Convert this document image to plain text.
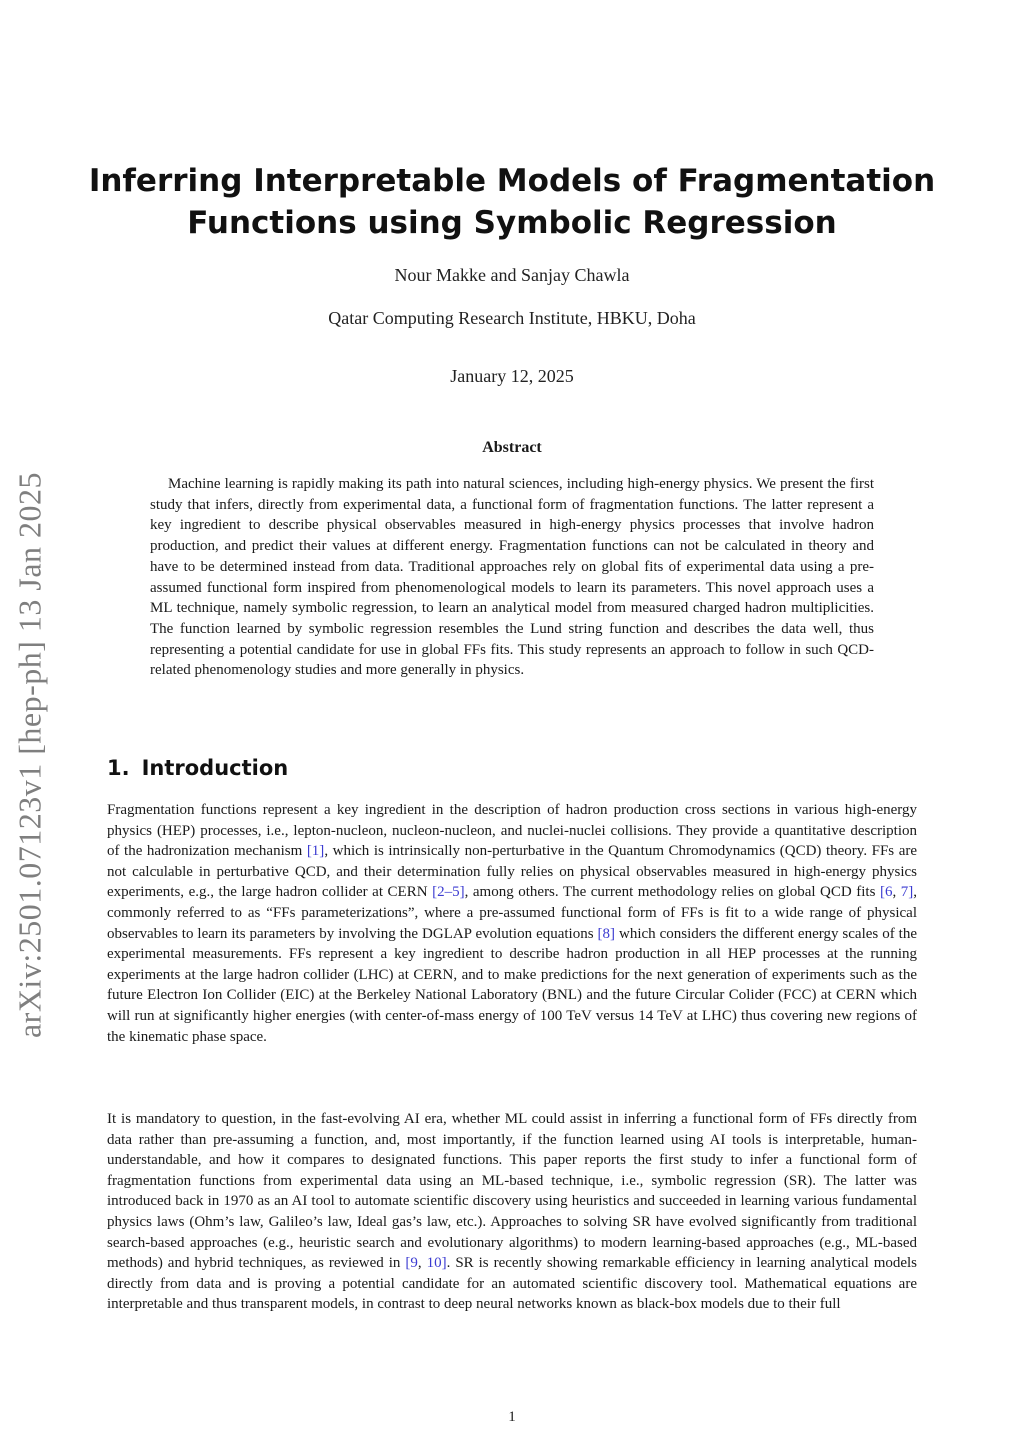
arXiv:2501.07123v1 [hep-ph] 13 Jan 2025
Inferring Interpretable Models of Fragmentation
Functions using Symbolic Regression
Nour Makke and Sanjay Chawla
Qatar Computing Research Institute, HBKU, Doha
January 12, 2025
Abstract
Machine learning is rapidly making its path into natural sciences, including high-energy physics. We present the first study that infers, directly from experimental data, a functional form of fragmentation functions. The latter represent a key ingredient to describe physical observables measured in high-energy physics processes that involve hadron production, and predict their values at different energy. Fragmentation functions can not be calculated in theory and have to be determined instead from data. Traditional approaches rely on global fits of experimental data using a pre-assumed functional form inspired from phenomenological models to learn its parameters. This novel approach uses a ML technique, namely symbolic regression, to learn an analytical model from measured charged hadron multiplicities. The function learned by symbolic regression resembles the Lund string function and describes the data well, thus representing a potential candidate for use in global FFs fits. This study represents an approach to follow in such QCD-related phenomenology studies and more generally in physics.
1. Introduction
Fragmentation functions represent a key ingredient in the description of hadron production cross sections in various high-energy physics (HEP) processes, i.e., lepton-nucleon, nucleon-nucleon, and nuclei-nuclei collisions. They provide a quantitative description of the hadronization mechanism [1], which is intrinsically non-perturbative in the Quantum Chromodynamics (QCD) theory. FFs are not calculable in perturbative QCD, and their determination fully relies on physical observables measured in high-energy physics experiments, e.g., the large hadron collider at CERN [2–5], among others. The current methodology relies on global QCD fits [6, 7], commonly referred to as “FFs parameterizations”, where a pre-assumed functional form of FFs is fit to a wide range of physical observables to learn its parameters by involving the DGLAP evolution equations [8] which considers the different energy scales of the experimental measurements. FFs represent a key ingredient to describe hadron production in all HEP processes at the running experiments at the large hadron collider (LHC) at CERN, and to make predictions for the next generation of experiments such as the future Electron Ion Collider (EIC) at the Berkeley National Laboratory (BNL) and the future Circular Colider (FCC) at CERN which will run at significantly higher energies (with center-of-mass energy of 100 TeV versus 14 TeV at LHC) thus covering new regions of the kinematic phase space.
It is mandatory to question, in the fast-evolving AI era, whether ML could assist in inferring a functional form of FFs directly from data rather than pre-assuming a function, and, most importantly, if the function learned using AI tools is interpretable, human-understandable, and how it compares to designated functions. This paper reports the first study to infer a functional form of fragmentation functions from experimental data using an ML-based technique, i.e., symbolic regression (SR). The latter was introduced back in 1970 as an AI tool to automate scientific discovery using heuristics and succeeded in learning various fundamental physics laws (Ohm’s law, Galileo’s law, Ideal gas’s law, etc.). Approaches to solving SR have evolved significantly from traditional search-based approaches (e.g., heuristic search and evolutionary algorithms) to modern learning-based approaches (e.g., ML-based methods) and hybrid techniques, as reviewed in [9, 10]. SR is recently showing remarkable efficiency in learning analytical models directly from data and is proving a potential candidate for an automated scientific discovery tool. Mathematical equations are interpretable and thus transparent models, in contrast to deep neural networks known as black-box models due to their full
1
